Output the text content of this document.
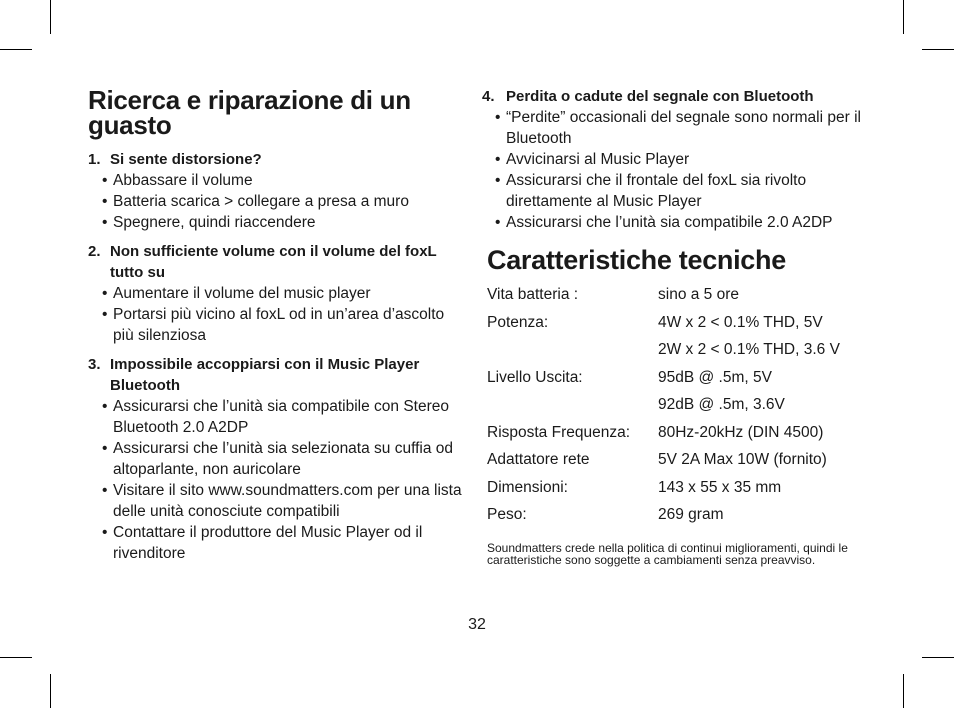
Ricerca e riparazione di un guasto
1. Si sente distorsione?
• Abbassare il volume
• Batteria scarica > collegare a presa a muro
• Spegnere, quindi riaccendere
2. Non sufficiente volume con il volume del foxL tutto su
• Aumentare il volume del music player
• Portarsi più vicino al foxL od in un’area d’ascolto più silenziosa
3. Impossibile accoppiarsi con il Music Player Bluetooth
• Assicurarsi che l’unità sia compatibile con Stereo Bluetooth 2.0 A2DP
• Assicurarsi che l’unità sia selezionata su cuffia od altoparlante, non auricolare
• Visitare il sito www.soundmatters.com per una lista delle unità conosciute compatibili
• Contattare il produttore del Music Player od il rivenditore
4. Perdita o cadute del segnale con Bluetooth
• “Perdite” occasionali del segnale sono normali per il Bluetooth
• Avvicinarsi al Music Player
• Assicurarsi che il frontale del foxL sia rivolto direttamente al Music Player
• Assicurarsi che l’unità sia compatibile 2.0 A2DP
Caratteristiche tecniche
Vita batteria :	sino a 5 ore
Potenza:	4W x 2 < 0.1% THD, 5V
	2W x 2 < 0.1% THD, 3.6 V
Livello Uscita:	95dB @ .5m, 5V
	92dB @ .5m, 3.6V
Risposta Frequenza:	80Hz-20kHz (DIN 4500)
Adattatore rete	5V 2A Max 10W (fornito)
Dimensioni:	143 x 55 x 35 mm
Peso:	269 gram
Soundmatters crede nella politica di continui miglioramenti, quindi le caratteristiche sono soggette a cambiamenti senza preavviso.
32
